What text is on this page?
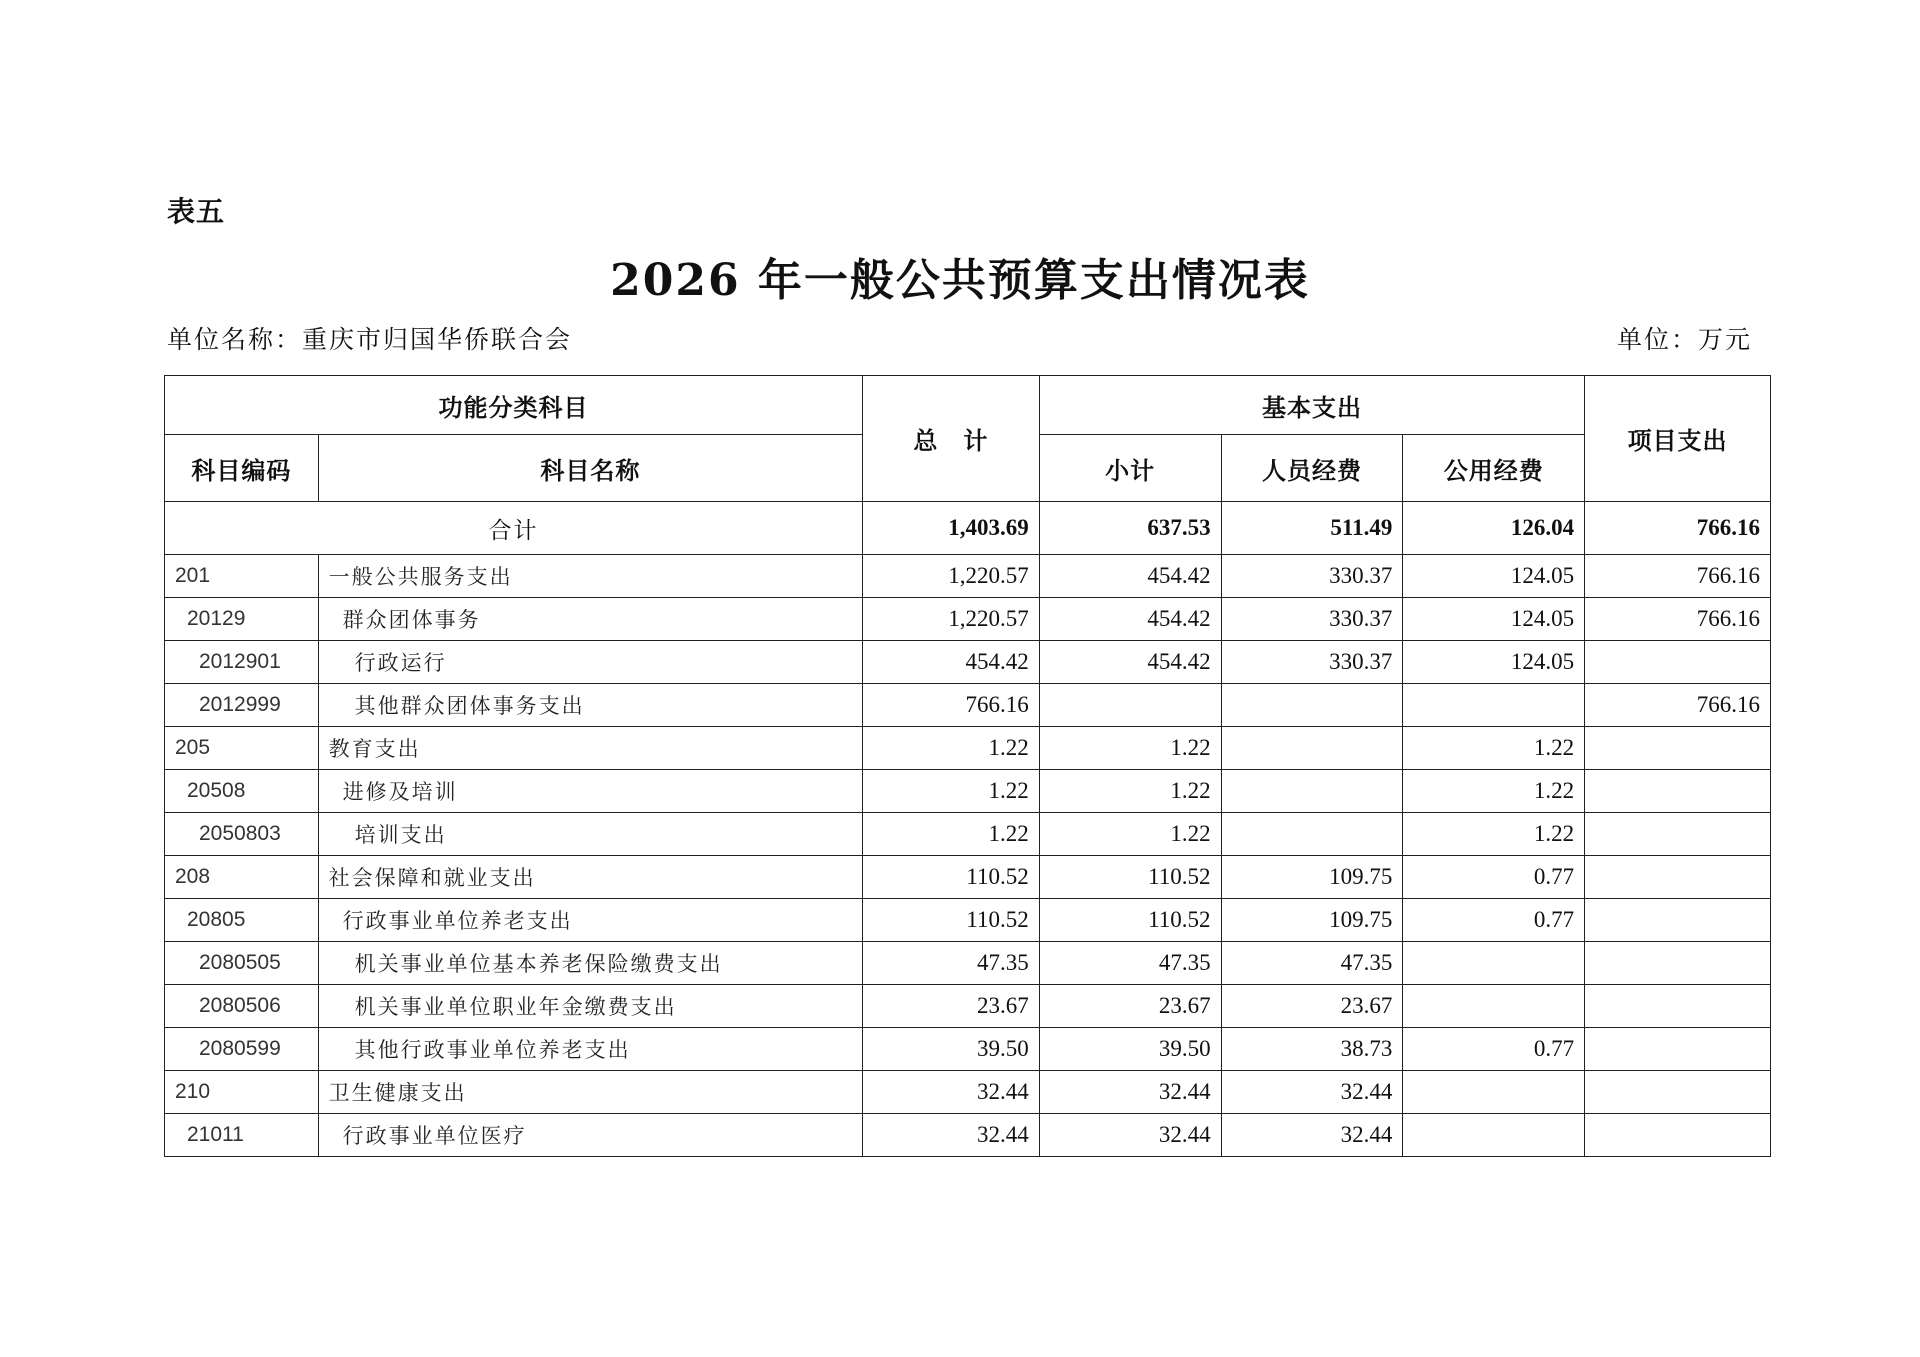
表五
2026 年一般公共预算支出情况表
单位名称：重庆市归国华侨联合会	单位：万元
功能分类科目		总　计	基本支出			项目支出
科目编码	科目名称		小计	人员经费	公用经费	
合计		1,403.69	637.53	511.49	126.04	766.16
201	一般公共服务支出	1,220.57	454.42	330.37	124.05	766.16
20129	群众团体事务	1,220.57	454.42	330.37	124.05	766.16
2012901	行政运行	454.42	454.42	330.37	124.05	
2012999	其他群众团体事务支出	766.16				766.16
205	教育支出	1.22	1.22		1.22	
20508	进修及培训	1.22	1.22		1.22	
2050803	培训支出	1.22	1.22		1.22	
208	社会保障和就业支出	110.52	110.52	109.75	0.77	
20805	行政事业单位养老支出	110.52	110.52	109.75	0.77	
2080505	机关事业单位基本养老保险缴费支出	47.35	47.35	47.35		
2080506	机关事业单位职业年金缴费支出	23.67	23.67	23.67		
2080599	其他行政事业单位养老支出	39.50	39.50	38.73	0.77	
210	卫生健康支出	32.44	32.44	32.44		
21011	行政事业单位医疗	32.44	32.44	32.44		
